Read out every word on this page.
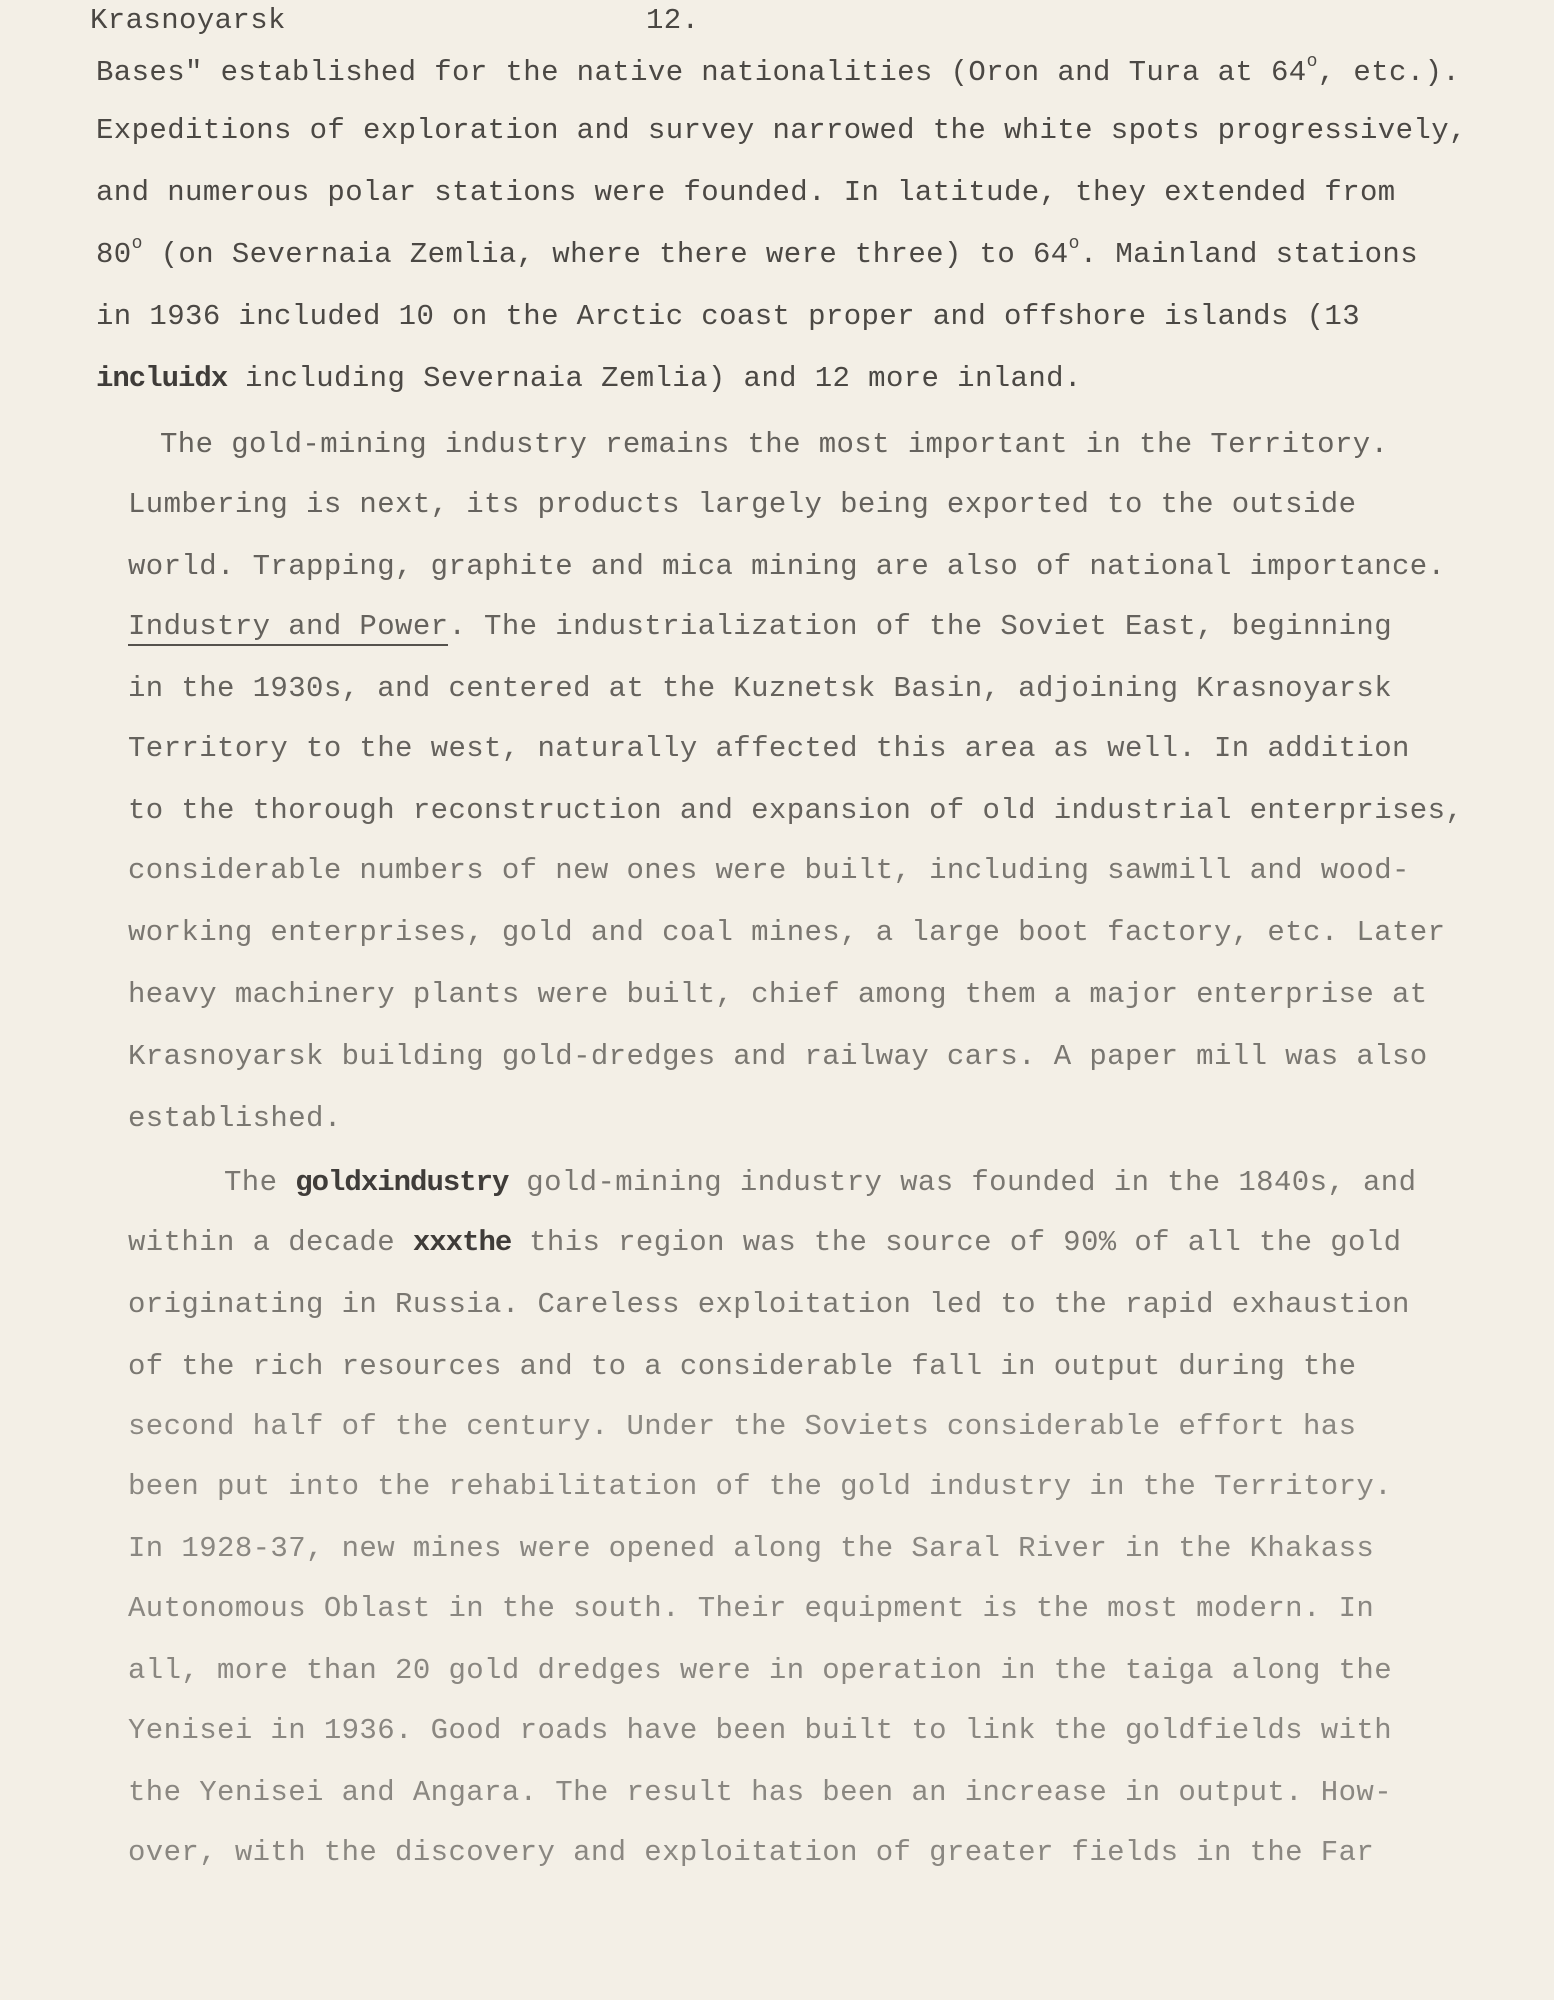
Krasnoyarsk	12.
Bases" established for the native nationalities (Oron and Tura at 64$^o$, etc.).
Expeditions of exploration and survey narrowed the white spots progressively,
and numerous polar stations were founded. In latitude, they extended from
80$^o$ (on Severnaia Zemlia, where there were three) to 64$^o$. Mainland stations
in 1936 included 10 on the Arctic coast proper and offshore islands (13
incluidx including Severnaia Zemlia) and 12 more inland.
The gold-mining industry remains the most important in the Territory.
Lumbering is next, its products largely being exported to the outside
world. Trapping, graphite and mica mining are also of national importance.
Industry and Power. The industrialization of the Soviet East, beginning
in the 1930s, and centered at the Kuznetsk Basin, adjoining Krasnoyarsk
Territory to the west, naturally affected this area as well. In addition
to the thorough reconstruction and expansion of old industrial enterprises,
considerable numbers of new ones were built, including sawmill and wood-
working enterprises, gold and coal mines, a large boot factory, etc. Later
heavy machinery plants were built, chief among them a major enterprise at
Krasnoyarsk building gold-dredges and railway cars. A paper mill was also
established.
The goldxindustry gold-mining industry was founded in the 1840s, and
within a decade xxxthe this region was the source of 90% of all the gold
originating in Russia. Careless exploitation led to the rapid exhaustion
of the rich resources and to a considerable fall in output during the
second half of the century. Under the Soviets considerable effort has
been put into the rehabilitation of the gold industry in the Territory.
In 1928-37, new mines were opened along the Saral River in the Khakass
Autonomous Oblast in the south. Their equipment is the most modern. In
all, more than 20 gold dredges were in operation in the taiga along the
Yenisei in 1936. Good roads have been built to link the goldfields with
the Yenisei and Angara. The result has been an increase in output. How-
over, with the discovery and exploitation of greater fields in the Far
